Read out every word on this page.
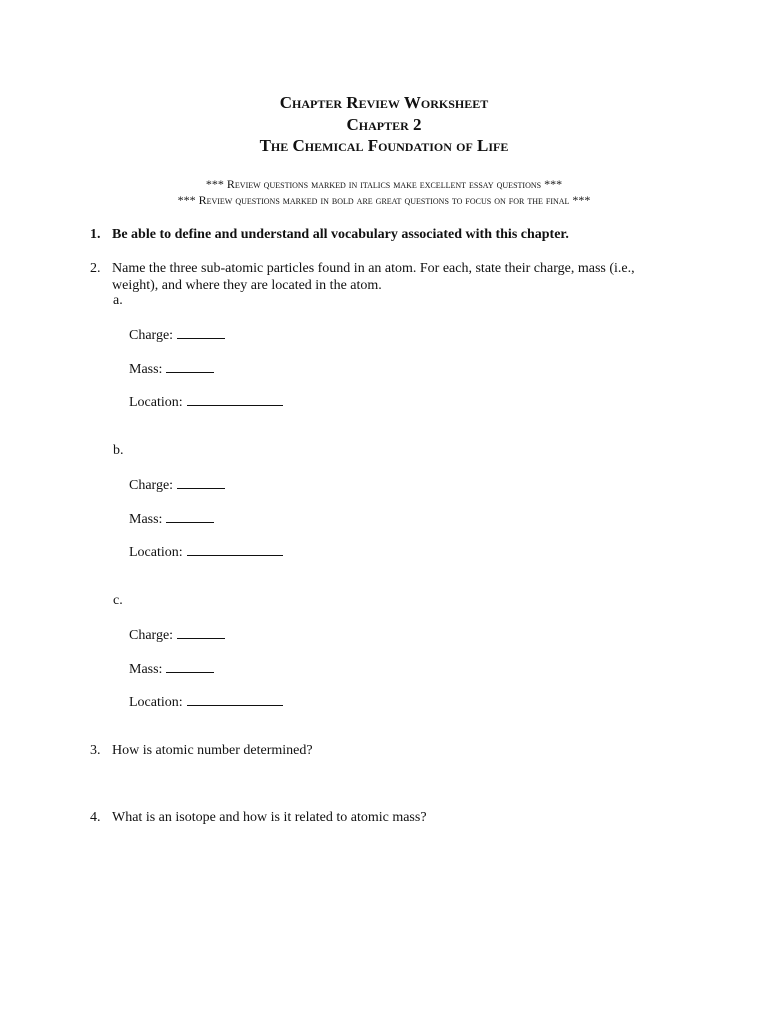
Chapter Review Worksheet
Chapter 2
The Chemical Foundation of Life
*** Review questions marked in italics make excellent essay questions ***
*** Review questions marked in bold are great questions to focus on for the final ***
1. Be able to define and understand all vocabulary associated with this chapter.
2. Name the three sub-atomic particles found in an atom. For each, state their charge, mass (i.e., weight), and where they are located in the atom.
a.
Charge:
Mass:
Location:
b.
Charge:
Mass:
Location:
c.
Charge:
Mass:
Location:
3. How is atomic number determined?
4. What is an isotope and how is it related to atomic mass?
